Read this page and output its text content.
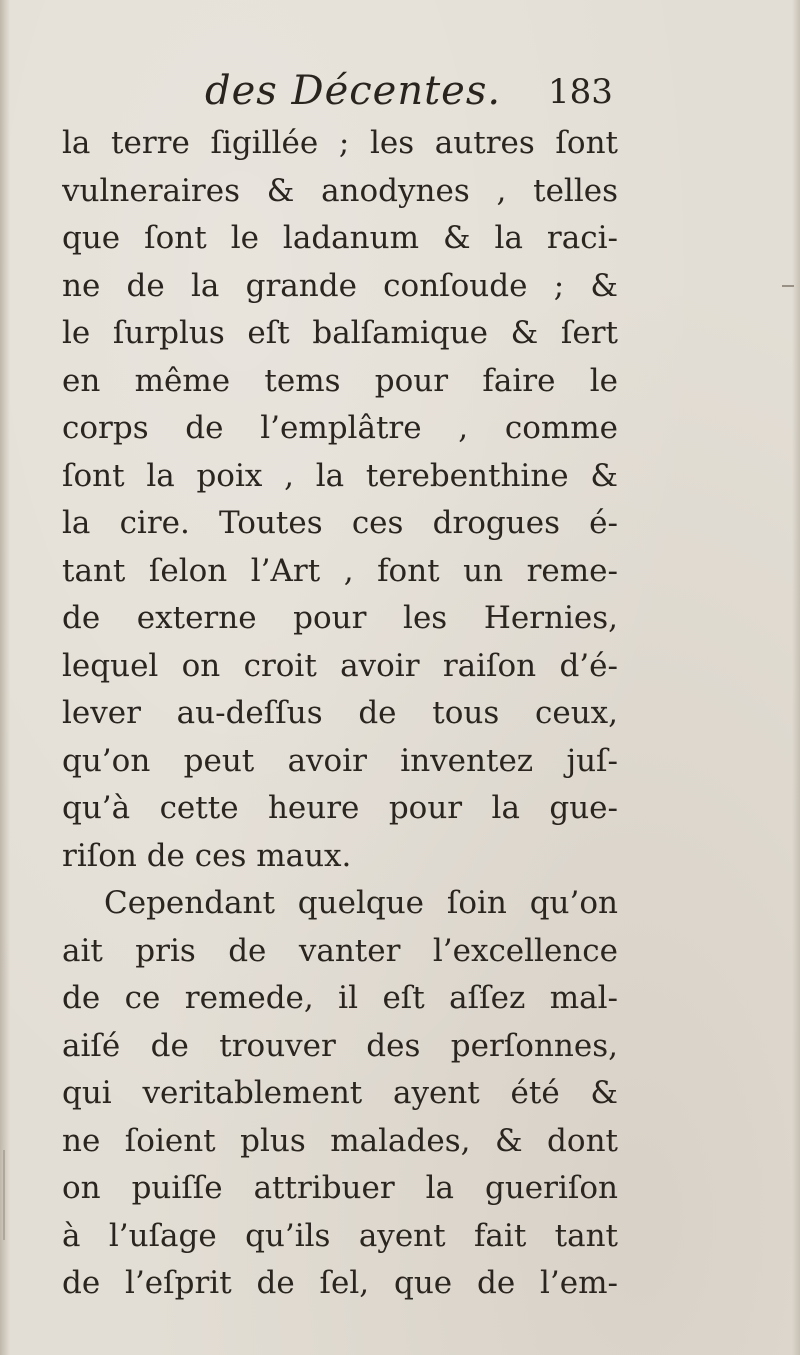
des Décentes. 183
la terre ſigillée ; les autres ſont
vulneraires & anodynes , telles
que ſont le ladanum & la raci-
ne de la grande conſoude ; &
le ſurplus eſt balſamique & ſert
en même tems pour faire le
corps de l’emplâtre , comme
ſont la poix , la terebenthine &
la cire. Toutes ces drogues é-
tant ſelon l’Art , font un reme-
de externe pour les Hernies,
lequel on croit avoir raiſon d’é-
lever au-deſſus de tous ceux,
qu’on peut avoir inventez juſ-
qu’à cette heure pour la gue-
riſon de ces maux.
Cependant quelque ſoin qu’on
ait pris de vanter l’excellence
de ce remede, il eſt aſſez mal-
aiſé de trouver des perſonnes,
qui veritablement ayent été &
ne ſoient plus malades, & dont
on puiſſe attribuer la gueriſon
à l’uſage qu’ils ayent fait tant
de l’eſprit de ſel, que de l’em-
